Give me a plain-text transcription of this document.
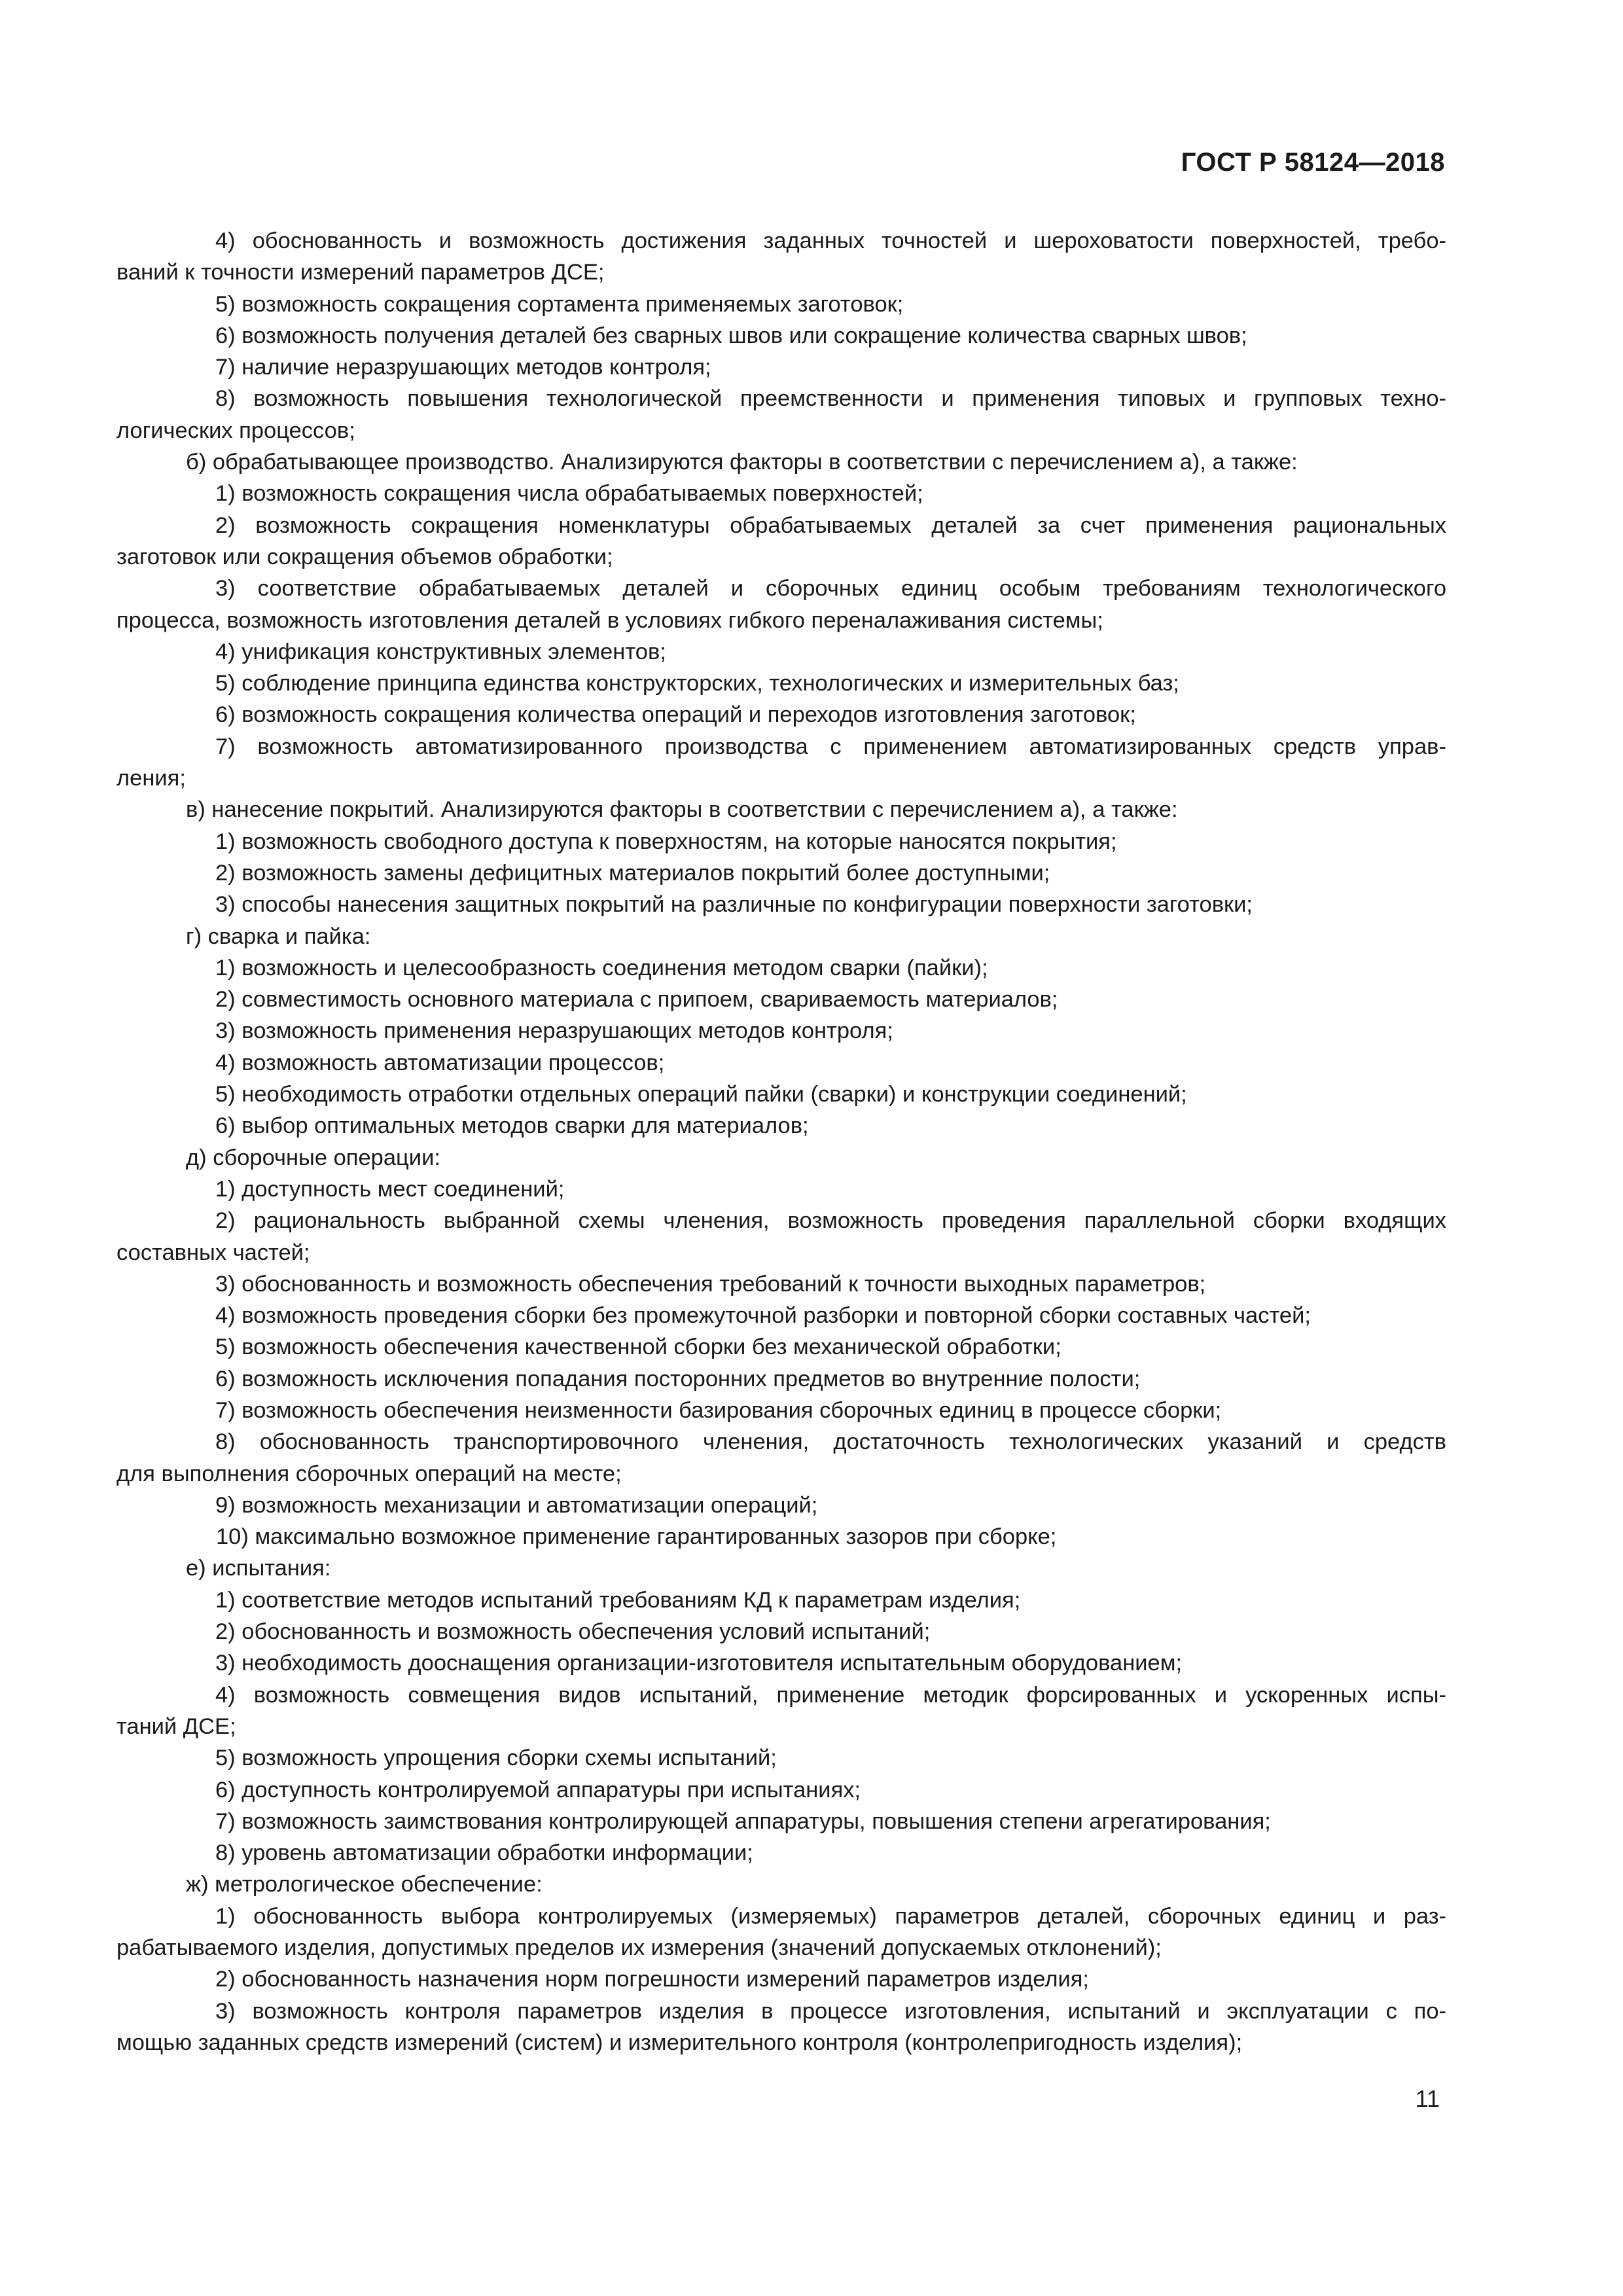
ГОСТ Р 58124—2018
4) обоснованность и возможность достижения заданных точностей и шероховатости поверхностей, требо-
ваний к точности измерений параметров ДСЕ;
5) возможность сокращения сортамента применяемых заготовок;
6) возможность получения деталей без сварных швов или сокращение количества сварных швов;
7) наличие неразрушающих методов контроля;
8) возможность повышения технологической преемственности и применения типовых и групповых техно-
логических процессов;
б) обрабатывающее производство. Анализируются факторы в соответствии с перечислением а), а также:
1) возможность сокращения числа обрабатываемых поверхностей;
2) возможность сокращения номенклатуры обрабатываемых деталей за счет применения рациональных
заготовок или сокращения объемов обработки;
3) соответствие обрабатываемых деталей и сборочных единиц особым требованиям технологического
процесса, возможность изготовления деталей в условиях гибкого переналаживания системы;
4) унификация конструктивных элементов;
5) соблюдение принципа единства конструкторских, технологических и измерительных баз;
6) возможность сокращения количества операций и переходов изготовления заготовок;
7) возможность автоматизированного производства с применением автоматизированных средств управ-
ления;
в) нанесение покрытий. Анализируются факторы в соответствии с перечислением а), а также:
1) возможность свободного доступа к поверхностям, на которые наносятся покрытия;
2) возможность замены дефицитных материалов покрытий более доступными;
3) способы нанесения защитных покрытий на различные по конфигурации поверхности заготовки;
г) сварка и пайка:
1) возможность и целесообразность соединения методом сварки (пайки);
2) совместимость основного материала с припоем, свариваемость материалов;
3) возможность применения неразрушающих методов контроля;
4) возможность автоматизации процессов;
5) необходимость отработки отдельных операций пайки (сварки) и конструкции соединений;
6) выбор оптимальных методов сварки для материалов;
д) сборочные операции:
1) доступность мест соединений;
2) рациональность выбранной схемы членения, возможность проведения параллельной сборки входящих
составных частей;
3) обоснованность и возможность обеспечения требований к точности выходных параметров;
4) возможность проведения сборки без промежуточной разборки и повторной сборки составных частей;
5) возможность обеспечения качественной сборки без механической обработки;
6) возможность исключения попадания посторонних предметов во внутренние полости;
7) возможность обеспечения неизменности базирования сборочных единиц в процессе сборки;
8) обоснованность транспортировочного членения, достаточность технологических указаний и средств
для выполнения сборочных операций на месте;
9) возможность механизации и автоматизации операций;
10) максимально возможное применение гарантированных зазоров при сборке;
е) испытания:
1) соответствие методов испытаний требованиям КД к параметрам изделия;
2) обоснованность и возможность обеспечения условий испытаний;
3) необходимость дооснащения организации-изготовителя испытательным оборудованием;
4) возможность совмещения видов испытаний, применение методик форсированных и ускоренных испы-
таний ДСЕ;
5) возможность упрощения сборки схемы испытаний;
6) доступность контролируемой аппаратуры при испытаниях;
7) возможность заимствования контролирующей аппаратуры, повышения степени агрегатирования;
8) уровень автоматизации обработки информации;
ж) метрологическое обеспечение:
1) обоснованность выбора контролируемых (измеряемых) параметров деталей, сборочных единиц и раз-
рабатываемого изделия, допустимых пределов их измерения (значений допускаемых отклонений);
2) обоснованность назначения норм погрешности измерений параметров изделия;
3) возможность контроля параметров изделия в процессе изготовления, испытаний и эксплуатации с по-
мощью заданных средств измерений (систем) и измерительного контроля (контролепригодность изделия);
11
